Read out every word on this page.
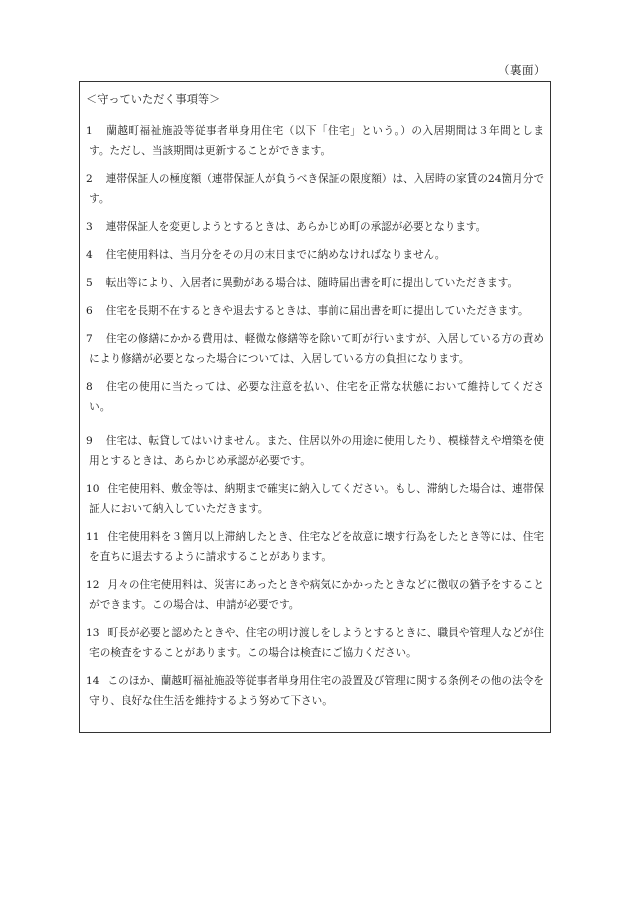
（裏面）
＜守っていただく事項等＞
1 蘭越町福祉施設等従事者単身用住宅（以下「住宅」という。）の入居期間は３年間とします。ただし、当該期間は更新することができます。
2 連帯保証人の極度額（連帯保証人が負うべき保証の限度額）は、入居時の家賃の24箇月分です。
3 連帯保証人を変更しようとするときは、あらかじめ町の承認が必要となります。
4 住宅使用料は、当月分をその月の末日までに納めなければなりません。
5 転出等により、入居者に異動がある場合は、随時届出書を町に提出していただきます。
6 住宅を長期不在するときや退去するときは、事前に届出書を町に提出していただきます。
7 住宅の修繕にかかる費用は、軽微な修繕等を除いて町が行いますが、入居している方の責めにより修繕が必要となった場合については、入居している方の負担になります。
8 住宅の使用に当たっては、必要な注意を払い、住宅を正常な状態において維持してください。
9 住宅は、転貸してはいけません。また、住居以外の用途に使用したり、模様替えや増築を使用とするときは、あらかじめ承認が必要です。
10 住宅使用料、敷金等は、納期まで確実に納入してください。もし、滞納した場合は、連帯保証人において納入していただきます。
11 住宅使用料を３箇月以上滞納したとき、住宅などを故意に壊す行為をしたとき等には、住宅を直ちに退去するように請求することがあります。
12 月々の住宅使用料は、災害にあったときや病気にかかったときなどに徴収の猶予をすることができます。この場合は、申請が必要です。
13 町長が必要と認めたときや、住宅の明け渡しをしようとするときに、職員や管理人などが住宅の検査をすることがあります。この場合は検査にご協力ください。
14 このほか、蘭越町福祉施設等従事者単身用住宅の設置及び管理に関する条例その他の法令を守り、良好な住生活を維持するよう努めて下さい。
